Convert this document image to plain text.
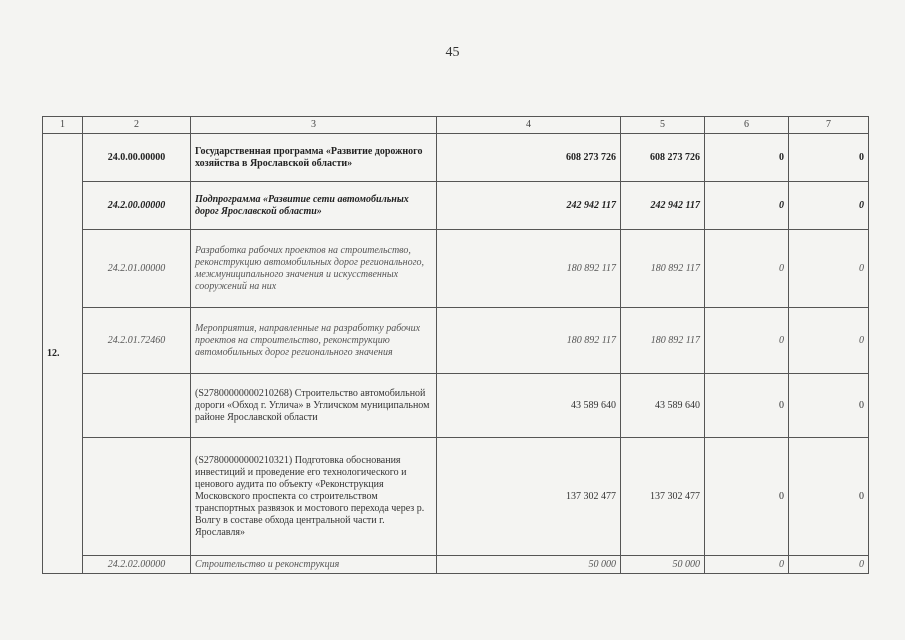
45
1	2	3	4	5	6	7
12.	24.0.00.00000	Государственная программа «Развитие дорожного хозяйства в Ярославской области»	608 273 726	608 273 726	0	0
	24.2.00.00000	Подпрограмма «Развитие сети автомобильных дорог Ярославской области»	242 942 117	242 942 117	0	0
	24.2.01.00000	Разработка рабочих проектов на строительство, реконструкцию автомобильных дорог регионального, межмуниципального значения и искусственных сооружений на них	180 892 117	180 892 117	0	0
	24.2.01.72460	Мероприятия, направленные на разработку рабочих проектов на строительство, реконструкцию автомобильных дорог регионального значения	180 892 117	180 892 117	0	0
		(S27800000000210268) Строительство автомобильной дороги «Обход г. Углича» в Угличском муниципальном районе Ярославской области	43 589 640	43 589 640	0	0
		(S27800000000210321) Подготовка обоснования инвестиций и проведение его технологического и ценового аудита по объекту «Реконструкция Московского проспекта со строительством транспортных развязок и мостового перехода через р. Волгу в составе обхода центральной части г. Ярославля»	137 302 477	137 302 477	0	0
	24.2.02.00000	Строительство и реконструкция	50 000	50 000	0	0
